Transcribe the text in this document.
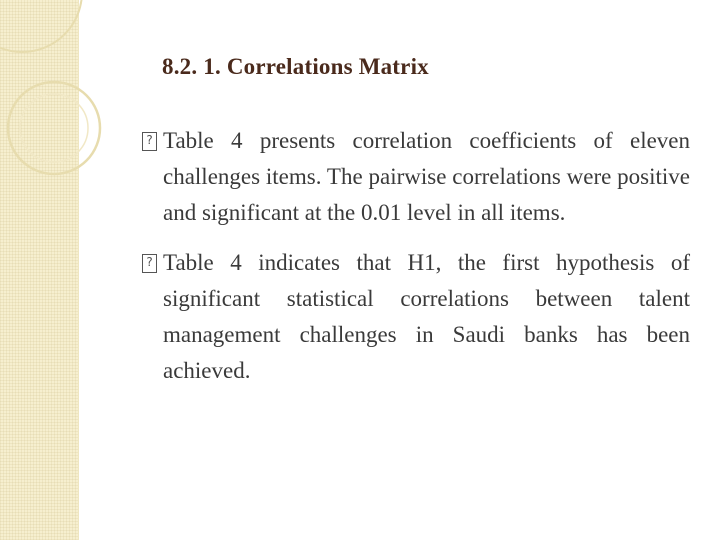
8.2. 1. Correlations Matrix
? Table 4 presents correlation coefficients of eleven challenges items. The pairwise correlations were positive and significant at the 0.01 level in all items.
? Table 4 indicates that H1, the first hypothesis of significant statistical correlations between talent management challenges in Saudi banks has been achieved.
